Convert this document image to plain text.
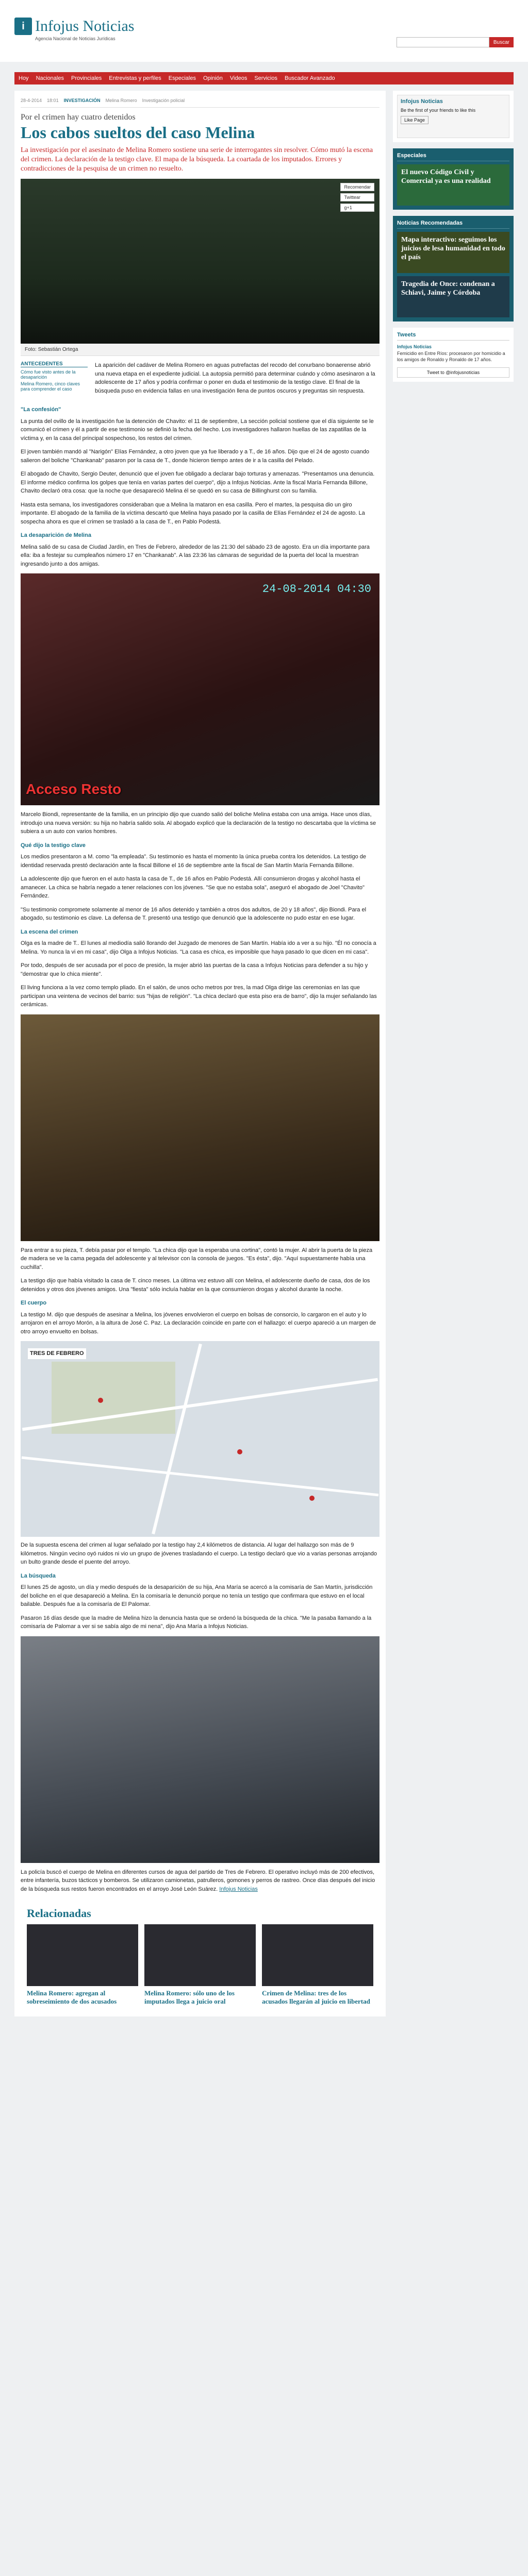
i Infojus Noticias
Agencia Nacional de Noticias Jurídicas
Buscar
Hoy Nacionales Provinciales Entrevistas y perfiles Especiales Opinión Videos Servicios Buscador Avanzado
28-4-2014 18:01 INVESTIGACIÓN Melina Romero Investigación policial
Por el crimen hay cuatro detenidos
Los cabos sueltos del caso Melina
La investigación por el asesinato de Melina Romero sostiene una serie de interrogantes sin resolver. Cómo mutó la escena del crimen. La declaración de la testigo clave. El mapa de la búsqueda. La coartada de los imputados. Errores y contradicciones de la pesquisa de un crimen no resuelto.
Recomendar
Twittear
g+1
Foto: Sebastián Ortega
ANTECEDENTES
Cómo fue visto antes de la desaparición
Melina Romero, cinco claves para comprender el caso

La aparición del cadáver de Melina Romero en aguas putrefactas del recodo del conurbano bonaerense abrió una nueva etapa en el expediente judicial. La autopsia permitió para determinar cuándo y cómo asesinaron a la adolescente de 17 años y podría confirmar o poner en duda el testimonio de la testigo clave. El final de la búsqueda puso en evidencia fallas en una investigación llena de puntos oscuros y preguntas sin respuesta.

"La confesión"

La punta del ovillo de la investigación fue la detención de Chavito: el 11 de septiembre, La sección policial sostiene que el día siguiente se le comunicó el crimen y él a partir de ese testimonio se definió la fecha del hecho. Los investigadores hallaron huellas de las zapatillas de la víctima y, en la casa del principal sospechoso, los restos del crimen.

El joven también mandó al "Narigón" Elías Fernández, a otro joven que ya fue liberado y a T., de 16 años. Dijo que el 24 de agosto cuando salieron del boliche "Chankanab" pasaron por la casa de T., donde hicieron tiempo antes de ir a la casilla del Pelado.

El abogado de Chavito, Sergio Deuter, denunció que el joven fue obligado a declarar bajo torturas y amenazas. "Presentamos una denuncia. El informe médico confirma los golpes que tenía en varias partes del cuerpo", dijo a Infojus Noticias. Ante la fiscal María Fernanda Billone, Chavito declaró otra cosa: que la noche que desapareció Melina él se quedó en su casa de Billinghurst con su familia.

Hasta esta semana, los investigadores consideraban que a Melina la mataron en esa casilla. Pero el martes, la pesquisa dio un giro importante. El abogado de la familia de la víctima descartó que Melina haya pasado por la casilla de Elías Fernández el 24 de agosto. La sospecha ahora es que el crimen se trasladó a la casa de T., en Pablo Podestá.

La desaparición de Melina

Melina salió de su casa de Ciudad Jardín, en Tres de Febrero, alrededor de las 21:30 del sábado 23 de agosto. Era un día importante para ella: iba a festejar su cumpleaños número 17 en "Chankanab". A las 23:36 las cámaras de seguridad de la puerta del local la muestran ingresando junto a dos amigas.

24-08-2014 04:30
Acceso Resto

Marcelo Biondi, representante de la familia, en un principio dijo que cuando salió del boliche Melina estaba con una amiga. Hace unos días, introdujo una nueva versión: su hija no habría salido sola. Al abogado explicó que la declaración de la testigo no descartaba que la víctima se subiera a un auto con varios hombres.

Qué dijo la testigo clave

Los medios presentaron a M. como "la empleada". Su testimonio es hasta el momento la única prueba contra los detenidos. La testigo de identidad reservada prestó declaración ante la fiscal Billone el 16 de septiembre ante la fiscal de San Martín María Fernanda Billone.

La adolescente dijo que fueron en el auto hasta la casa de T., de 16 años en Pablo Podestá. Allí consumieron drogas y alcohol hasta el amanecer. La chica se habría negado a tener relaciones con los jóvenes. "Se que no estaba sola", aseguró el abogado de Joel "Chavito" Fernández.

"Su testimonio compromete solamente al menor de 16 años detenido y también a otros dos adultos, de 20 y 18 años", dijo Biondi. Para el abogado, su testimonio es clave. La defensa de T. presentó una testigo que denunció que la adolescente no pudo estar en ese lugar.

La escena del crimen

Olga es la madre de T.. El lunes al mediodía salió llorando del Juzgado de menores de San Martín. Había ido a ver a su hijo. "Él no conocía a Melina. Yo nunca la vi en mi casa", dijo Olga a Infojus Noticias. "La casa es chica, es imposible que haya pasado lo que dicen en mi casa".

Por todo, después de ser acusada por el poco de presión, la mujer abrió las puertas de la casa a Infojus Noticias para defender a su hijo y "demostrar que lo chica miente".

El living funciona a la vez como templo pliado. En el salón, de unos ocho metros por tres, la mad Olga dirige las ceremonias en las que participan una veintena de vecinos del barrio: sus "hijas de religión". "La chica declaró que esta piso era de barro", dijo la mujer señalando las cerámicas.

Para entrar a su pieza, T. debía pasar por el templo. "La chica dijo que la esperaba una cortina", contó la mujer. Al abrir la puerta de la pieza de madera se ve la cama pegada del adolescente y al televisor con la consola de juegos. "Es ésta", dijo. "Aquí supuestamente había una cuchilla".

La testigo dijo que había visitado la casa de T. cinco meses. La última vez estuvo allí con Melina, el adolescente dueño de casa, dos de los detenidos y otros dos jóvenes amigos. Una "fiesta" sólo incluía hablar en la que consumieron drogas y alcohol durante la noche.

El cuerpo

La testigo M. dijo que después de asesinar a Melina, los jóvenes envolvieron el cuerpo en bolsas de consorcio, lo cargaron en el auto y lo arrojaron en el arroyo Morón, a la altura de José C. Paz. La declaración coincide en parte con el hallazgo: el cuerpo apareció a un margen de otro arroyo envuelto en bolsas.

TRES DE FEBRERO

De la supuesta escena del crimen al lugar señalado por la testigo hay 2,4 kilómetros de distancia. Al lugar del hallazgo son más de 9 kilómetros. Ningún vecino oyó ruidos ni vio un grupo de jóvenes trasladando el cuerpo. La testigo declaró que vio a varias personas arrojando un bulto grande desde el puente del arroyo.

La búsqueda

El lunes 25 de agosto, un día y medio después de la desaparición de su hija, Ana María se acercó a la comisaría de San Martín, jurisdicción del boliche en el que desapareció a Melina. En la comisaría le denunció porque no tenía un testigo que confirmara que estuvo en el local bailable. Después fue a la comisaría de El Palomar.

Pasaron 16 días desde que la madre de Melina hizo la denuncia hasta que se ordenó la búsqueda de la chica. "Me la pasaba llamando a la comisaría de Palomar a ver si se sabía algo de mi nena", dijo Ana María a Infojus Noticias.

La policía buscó el cuerpo de Melina en diferentes cursos de agua del partido de Tres de Febrero. El operativo incluyó más de 200 efectivos, entre infantería, buzos tácticos y bomberos. Se utilizaron camionetas, patrulleros, gomones y perros de rastreo. Once días después del inicio de la búsqueda sus restos fueron encontrados en el arroyo José León Suárez. Infojus Noticias

Relacionadas
Melina Romero: agregan al sobreseimiento de dos acusados
Melina Romero: sólo uno de los imputados llega a juicio oral
Crimen de Melina: tres de los acusados llegarán al juicio en libertad
Infojus Noticias
Be the first of your friends to like this
Like Page
Especiales
El nuevo Código Civil y Comercial ya es una realidad
Noticias Recomendadas
Mapa interactivo: seguimos los juicios de lesa humanidad en todo el país
Tragedia de Once: condenan a Schiavi, Jaime y Córdoba
Tweets
Infojus Noticias
Femicidio en Entre Ríos: procesaron por homicidio a los amigos de Ronaldo y Ronaldo de 17 años.
Tweet to @infojusnoticias
